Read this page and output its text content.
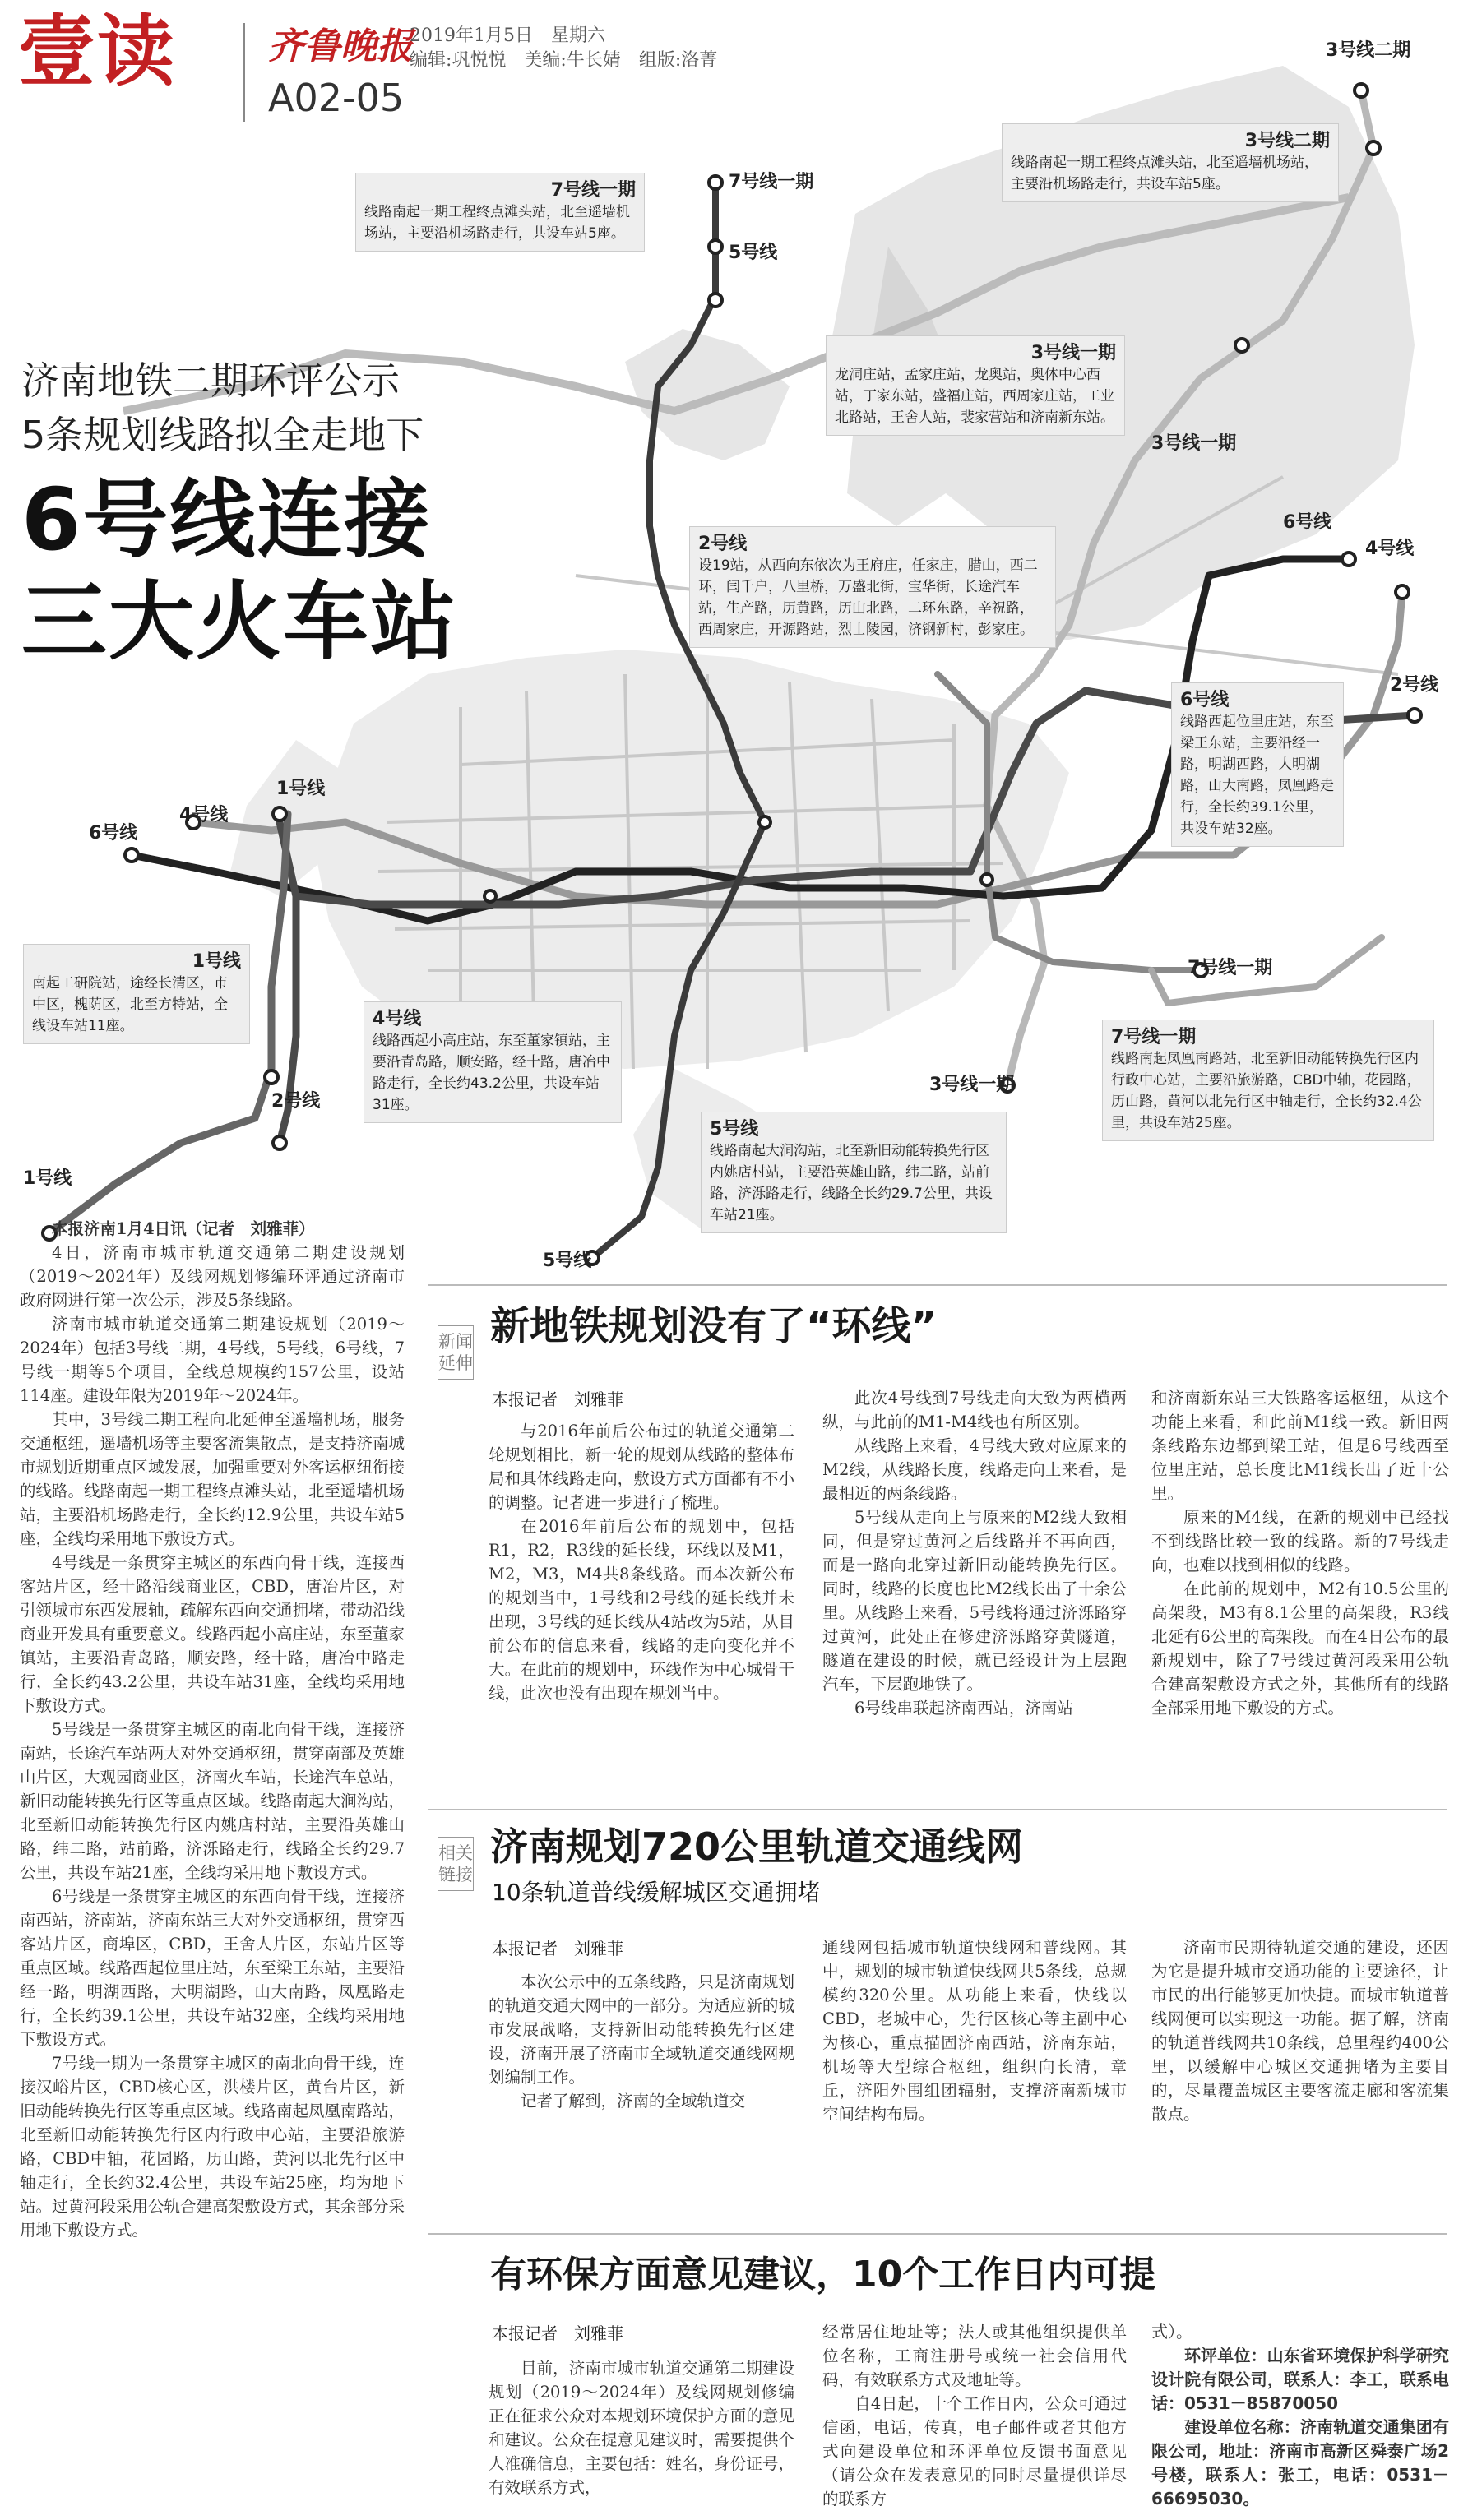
壹读	齐鲁晚报
A02-05
2019年1月5日　星期六
编辑:巩悦悦　美编:牛长婧　组版:洛菁
7号线一期
5号线
3号线二期
3号线一期
6号线
4号线
2号线
4号线
1号线
6号线
2号线
1号线
7号线一期
3号线一期
5号线
7号线一期
线路南起一期工程终点滩头站，北至遥墙机场站，主要沿机场路走行，共设车站5座。
3号线二期
线路南起一期工程终点滩头站，北至遥墙机场站，主要沿机场路走行，共设车站5座。
3号线一期
龙洞庄站，孟家庄站，龙奥站，奥体中心西站，丁家东站，盛福庄站，西周家庄站，工业北路站，王舍人站，裴家营站和济南新东站。
2号线
设19站，从西向东依次为王府庄，任家庄，腊山，西二环，闫千户，八里桥，万盛北街，宝华街，长途汽车站，生产路，历黄路，历山北路，二环东路，辛祝路，西周家庄，开源路站，烈士陵园，济钢新村，彭家庄。
6号线
线路西起位里庄站，东至梁王东站，主要沿经一路，明湖西路，大明湖路，山大南路，凤凰路走行，全长约39.1公里，共设车站32座。
1号线
南起工研院站，途经长清区，市中区，槐荫区，北至方特站，全线设车站11座。	4号线
线路西起小高庄站，东至董家镇站，主要沿青岛路，顺安路，经十路，唐冶中路走行，全长约43.2公里，共设车站31座。
5号线
线路南起大涧沟站，北至新旧动能转换先行区内姚店村站，主要沿英雄山路，纬二路，站前路，济泺路走行，线路全长约29.7公里，共设车站21座。
7号线一期
线路南起凤凰南路站，北至新旧动能转换先行区内行政中心站，主要沿旅游路，CBD中轴，花园路，历山路，黄河以北先行区中轴走行，全长约32.4公里，共设车站25座。
济南地铁二期环评公示
5条规划线路拟全走地下
6号线连接
三大火车站

本报济南1月4日讯（记者　刘雅菲）

4日，济南市城市轨道交通第二期建设规划（2019～2024年）及线网规划修编环评通过济南市政府网进行第一次公示，涉及5条线路。

济南市城市轨道交通第二期建设规划（2019～2024年）包括3号线二期，4号线，5号线，6号线，7号线一期等5个项目，全线总规模约157公里，设站114座。建设年限为2019年～2024年。

其中，3号线二期工程向北延伸至遥墙机场，服务交通枢纽，遥墙机场等主要客流集散点，是支持济南城市规划近期重点区域发展，加强重要对外客运枢纽衔接的线路。线路南起一期工程终点滩头站，北至遥墙机场站，主要沿机场路走行，全长约12.9公里，共设车站5座，全线均采用地下敷设方式。

4号线是一条贯穿主城区的东西向骨干线，连接西客站片区，经十路沿线商业区，CBD，唐冶片区，对引领城市东西发展轴，疏解东西向交通拥堵，带动沿线商业开发具有重要意义。线路西起小高庄站，东至董家镇站，主要沿青岛路，顺安路，经十路，唐冶中路走行，全长约43.2公里，共设车站31座，全线均采用地下敷设方式。

5号线是一条贯穿主城区的南北向骨干线，连接济南站，长途汽车站两大对外交通枢纽，贯穿南部及英雄山片区，大观园商业区，济南火车站，长途汽车总站，新旧动能转换先行区等重点区域。线路南起大涧沟站，北至新旧动能转换先行区内姚店村站，主要沿英雄山路，纬二路，站前路，济泺路走行，线路全长约29.7公里，共设车站21座，全线均采用地下敷设方式。

6号线是一条贯穿主城区的东西向骨干线，连接济南西站，济南站，济南东站三大对外交通枢纽，贯穿西客站片区，商埠区，CBD，王舍人片区，东站片区等重点区域。线路西起位里庄站，东至梁王东站，主要沿经一路，明湖西路，大明湖路，山大南路，凤凰路走行，全长约39.1公里，共设车站32座，全线均采用地下敷设方式。

7号线一期为一条贯穿主城区的南北向骨干线，连接汉峪片区，CBD核心区，洪楼片区，黄台片区，新旧动能转换先行区等重点区域。线路南起凤凰南路站，北至新旧动能转换先行区内行政中心站，主要沿旅游路，CBD中轴，花园路，历山路，黄河以北先行区中轴走行，全长约32.4公里，共设车站25座，均为地下站。过黄河段采用公轨合建高架敷设方式，其余部分采用地下敷设方式。

新闻延伸
新地铁规划没有了“环线”
本报记者　刘雅菲

与2016年前后公布过的轨道交通第二轮规划相比，新一轮的规划从线路的整体布局和具体线路走向，敷设方式方面都有不小的调整。记者进一步进行了梳理。

在2016年前后公布的规划中，包括R1，R2，R3线的延长线，环线以及M1，M2，M3，M4共8条线路。而本次新公布的规划当中，1号线和2号线的延长线并未出现，3号线的延长线从4站改为5站，从目前公布的信息来看，线路的走向变化并不大。在此前的规划中，环线作为中心城骨干线，此次也没有出现在规划当中。

此次4号线到7号线走向大致为两横两纵，与此前的M1-M4线也有所区别。

从线路上来看，4号线大致对应原来的M2线，从线路长度，线路走向上来看，是最相近的两条线路。

5号线从走向上与原来的M2线大致相同，但是穿过黄河之后线路并不再向西，而是一路向北穿过新旧动能转换先行区。同时，线路的长度也比M2线长出了十余公里。从线路上来看，5号线将通过济泺路穿过黄河，此处正在修建济泺路穿黄隧道，隧道在建设的时候，就已经设计为上层跑汽车，下层跑地铁了。

6号线串联起济南西站，济南站

和济南新东站三大铁路客运枢纽，从这个功能上来看，和此前M1线一致。新旧两条线路东边都到梁王站，但是6号线西至位里庄站，总长度比M1线长出了近十公里。

原来的M4线，在新的规划中已经找不到线路比较一致的线路。新的7号线走向，也难以找到相似的线路。

在此前的规划中，M2有10.5公里的高架段，M3有8.1公里的高架段，R3线北延有6公里的高架段。而在4日公布的最新规划中，除了7号线过黄河段采用公轨合建高架敷设方式之外，其他所有的线路全部采用地下敷设的方式。

相关链接
济南规划720公里轨道交通线网
10条轨道普线缓解城区交通拥堵
本报记者　刘雅菲

本次公示中的五条线路，只是济南规划的轨道交通大网中的一部分。为适应新的城市发展战略，支持新旧动能转换先行区建设，济南开展了济南市全域轨道交通线网规划编制工作。

记者了解到，济南的全域轨道交

通线网包括城市轨道快线网和普线网。其中，规划的城市轨道快线网共5条线，总规模约320公里。从功能上来看，快线以CBD，老城中心，先行区核心等主副中心为核心，重点描固济南西站，济南东站，机场等大型综合枢纽，组织向长清，章丘，济阳外围组团辐射，支撑济南新城市空间结构布局。

济南市民期待轨道交通的建设，还因为它是提升城市交通功能的主要途径，让市民的出行能够更加快捷。而城市轨道普线网便可以实现这一功能。据了解，济南的轨道普线网共10条线，总里程约400公里，以缓解中心城区交通拥堵为主要目的，尽量覆盖城区主要客流走廊和客流集散点。

有环保方面意见建议，10个工作日内可提
本报记者　刘雅菲

目前，济南市城市轨道交通第二期建设规划（2019～2024年）及线网规划修编正在征求公众对本规划环境保护方面的意见和建议。公众在提意见建议时，需要提供个人准确信息，主要包括：姓名，身份证号，有效联系方式，

经常居住地址等；法人或其他组织提供单位名称，工商注册号或统一社会信用代码，有效联系方式及地址等。

自4日起，十个工作日内，公众可通过信函，电话，传真，电子邮件或者其他方式向建设单位和环评单位反馈书面意见（请公众在发表意见的同时尽量提供详尽的联系方

式）。

环评单位：山东省环境保护科学研究设计院有限公司，联系人：李工，联系电话：0531－85870050

建设单位名称：济南轨道交通集团有限公司，地址：济南市高新区舜泰广场2号楼，联系人：张工，电话：0531－66695030。
